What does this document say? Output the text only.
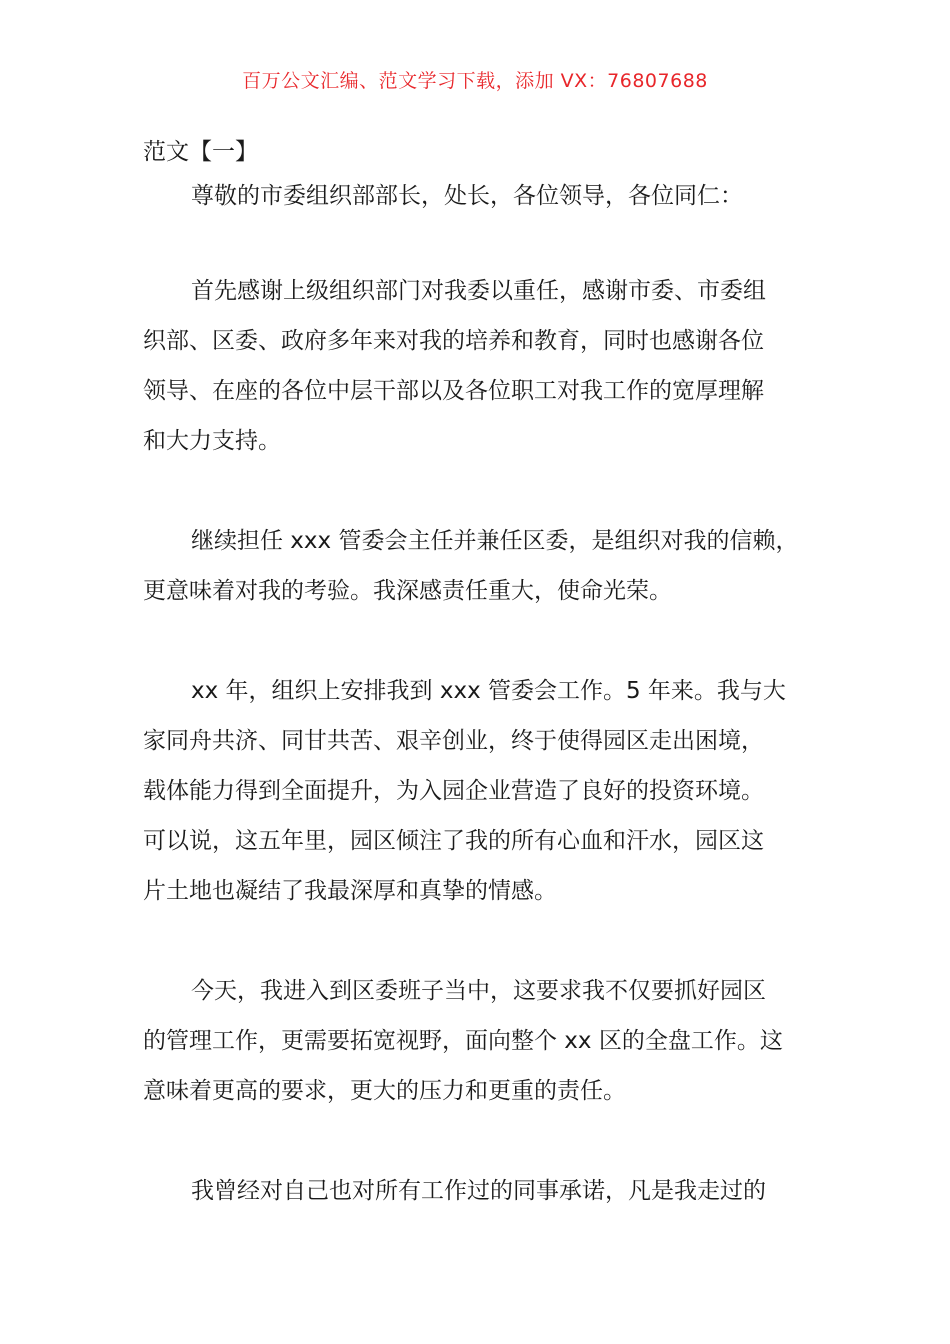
百万公文汇编、范文学习下载，添加 VX：76807688

范文【一】

尊敬的市委组织部部长，处长，各位领导，各位同仁：

首先感谢上级组织部门对我委以重任，感谢市委、市委组
织部、区委、政府多年来对我的培养和教育，同时也感谢各位
领导、在座的各位中层干部以及各位职工对我工作的宽厚理解
和大力支持。
继续担任 xxx 管委会主任并兼任区委，是组织对我的信赖，
更意味着对我的考验。我深感责任重大，使命光荣。
xx 年，组织上安排我到 xxx 管委会工作。5 年来。我与大
家同舟共济、同甘共苦、艰辛创业，终于使得园区走出困境，
载体能力得到全面提升，为入园企业营造了良好的投资环境。
可以说，这五年里，园区倾注了我的所有心血和汗水，园区这
片土地也凝结了我最深厚和真挚的情感。
今天，我进入到区委班子当中，这要求我不仅要抓好园区
的管理工作，更需要拓宽视野，面向整个 xx 区的全盘工作。这
意味着更高的要求，更大的压力和更重的责任。
我曾经对自己也对所有工作过的同事承诺，凡是我走过的
